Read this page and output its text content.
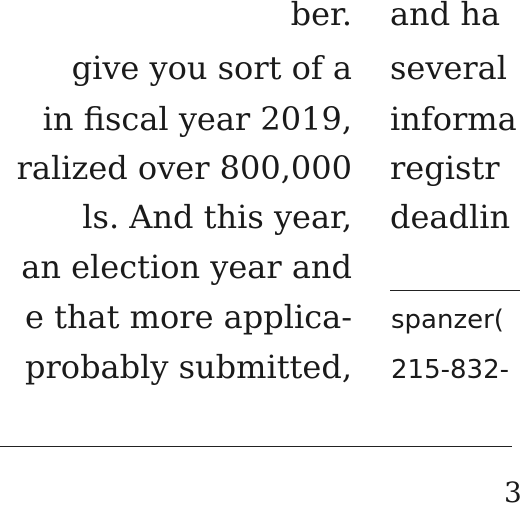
ber.
give you sort of a
in fiscal year 2019,
ralized over 800,000
ls. And this year,
an election year and
e that more applica-
probably submitted,
and ha
several
informa
registr
deadlin
spanzer(
215-832-
3
